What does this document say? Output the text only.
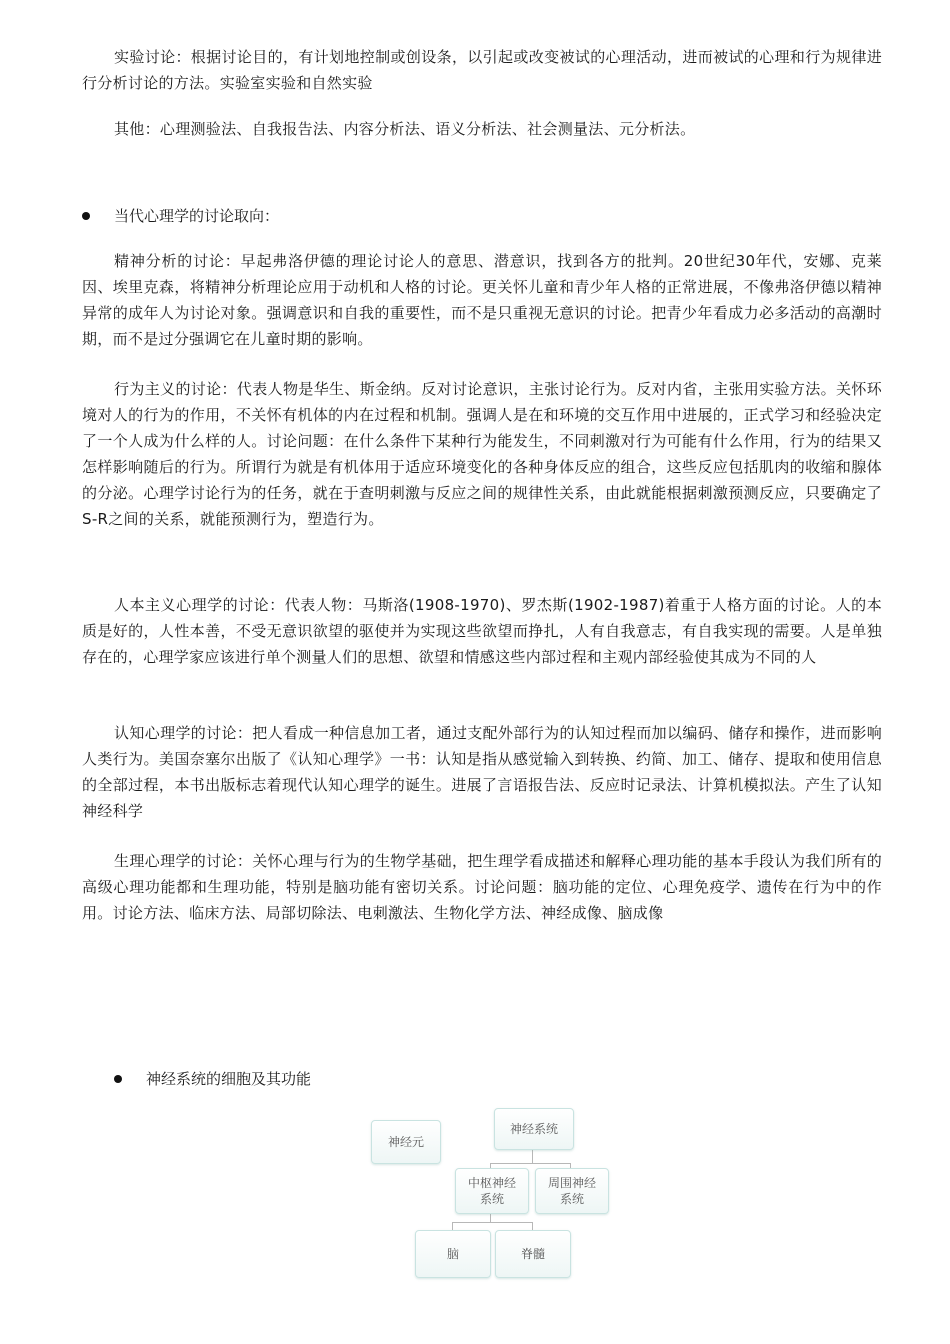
实验讨论：根据讨论目的，有计划地控制或创设条，以引起或改变被试的心理活动，进而被试的心理和行为规律进行分析讨论的方法。实验室实验和自然实验

其他：心理测验法、自我报告法、内容分析法、语义分析法、社会测量法、元分析法。

当代心理学的讨论取向：

精神分析的讨论：早起弗洛伊德的理论讨论人的意思、潜意识，找到各方的批判。20世纪30年代，安娜、克莱因、埃里克森，将精神分析理论应用于动机和人格的讨论。更关怀儿童和青少年人格的正常进展，不像弗洛伊德以精神异常的成年人为讨论对象。强调意识和自我的重要性，而不是只重视无意识的讨论。把青少年看成力必多活动的高潮时期，而不是过分强调它在儿童时期的影响。

行为主义的讨论：代表人物是华生、斯金纳。反对讨论意识，主张讨论行为。反对内省，主张用实验方法。关怀环境对人的行为的作用，不关怀有机体的内在过程和机制。强调人是在和环境的交互作用中进展的，正式学习和经验决定了一个人成为什么样的人。讨论问题：在什么条件下某种行为能发生，不同刺激对行为可能有什么作用，行为的结果又怎样影响随后的行为。所谓行为就是有机体用于适应环境变化的各种身体反应的组合，这些反应包括肌肉的收缩和腺体的分泌。心理学讨论行为的任务，就在于查明刺激与反应之间的规律性关系，由此就能根据刺激预测反应，只要确定了S-R之间的关系，就能预测行为，塑造行为。

人本主义心理学的讨论：代表人物：马斯洛(1908-1970)、罗杰斯(1902-1987)着重于人格方面的讨论。人的本质是好的，人性本善，不受无意识欲望的驱使并为实现这些欲望而挣扎，人有自我意志，有自我实现的需要。人是单独存在的，心理学家应该进行单个测量人们的思想、欲望和情感这些内部过程和主观内部经验使其成为不同的人

认知心理学的讨论：把人看成一种信息加工者，通过支配外部行为的认知过程而加以编码、储存和操作，进而影响人类行为。美国奈塞尔出版了《认知心理学》一书：认知是指从感觉输入到转换、约简、加工、储存、提取和使用信息的全部过程，本书出版标志着现代认知心理学的诞生。进展了言语报告法、反应时记录法、计算机模拟法。产生了认知神经科学

生理心理学的讨论：关怀心理与行为的生物学基础，把生理学看成描述和解释心理功能的基本手段认为我们所有的高级心理功能都和生理功能，特别是脑功能有密切关系。讨论问题：脑功能的定位、心理免疫学、遗传在行为中的作用。讨论方法、临床方法、局部切除法、电刺激法、生物化学方法、神经成像、脑成像

神经系统的细胞及其功能
神经元
神经系统
中枢神经
系统
周围神经
系统
脑	脊髓
